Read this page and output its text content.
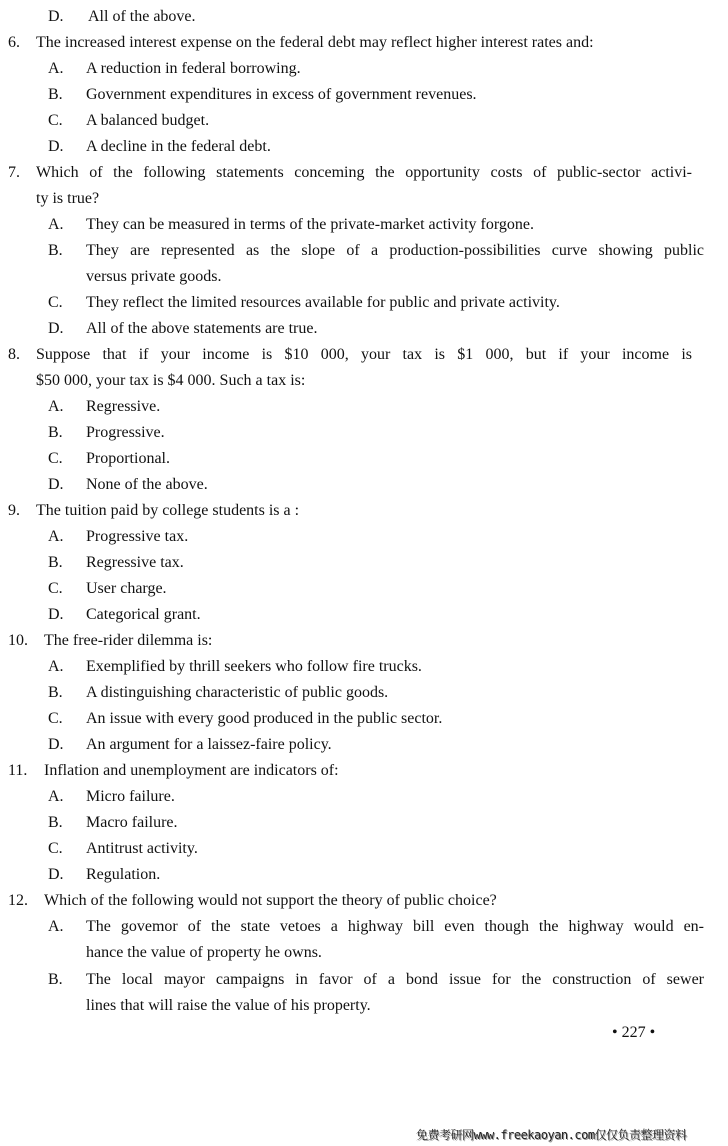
D. All of the above.
6. The increased interest expense on the federal debt may reflect higher interest rates and:
A. A reduction in federal borrowing.
B. Government expenditures in excess of government revenues.
C. A balanced budget.
D. A decline in the federal debt.
7. Which of the following statements conceming the opportunity costs of public-sector activi-
ty is true?
A. They can be measured in terms of the private-market activity forgone.
B. They are represented as the slope of a production-possibilities curve showing public
versus private goods.
C. They reflect the limited resources available for public and private activity.
D. All of the above statements are true.
8. Suppose that if your income is $10 000, your tax is $1 000, but if your income is
$50 000, your tax is $4 000. Such a tax is:
A. Regressive.
B. Progressive.
C. Proportional.
D. None of the above.
9. The tuition paid by college students is a :
A. Progressive tax.
B. Regressive tax.
C. User charge.
D. Categorical grant.
10. The free-rider dilemma is:
A. Exemplified by thrill seekers who follow fire trucks.
B. A distinguishing characteristic of public goods.
C. An issue with every good produced in the public sector.
D. An argument for a laissez-faire policy.
11. Inflation and unemployment are indicators of:
A. Micro failure.
B. Macro failure.
C. Antitrust activity.
D. Regulation.
12. Which of the following would not support the theory of public choice?
A. The govemor of the state vetoes a highway bill even though the highway would en-
hance the value of property he owns.
B. The local mayor campaigns in favor of a bond issue for the construction of sewer
lines that will raise the value of his property.
• 227 •
免费考研网www.freekaoyan.com仅仅负责整理资料
